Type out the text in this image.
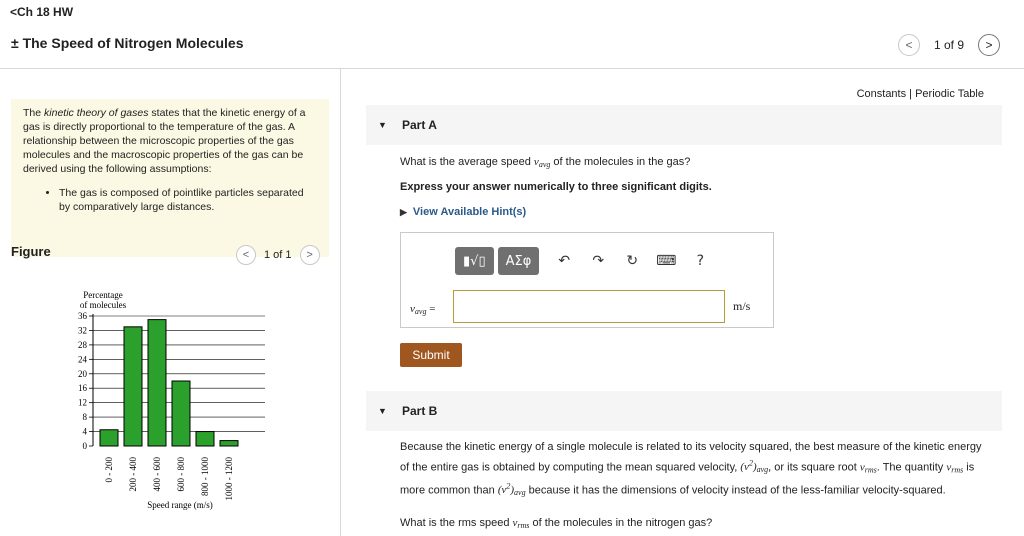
<Ch 18 HW
± The Speed of Nitrogen Molecules	< 1 of 9 >

The kinetic theory of gases states that the kinetic energy of a gas is directly proportional to the temperature of the gas. A relationship between the microscopic properties of the gas molecules and the macroscopic properties of the gas can be derived using the following assumptions:

• The gas is composed of pointlike particles separated by comparatively large distances.
Figure	< 1 of 1 >
Percentage
of molecules
0
4
8
12
16
20
24
28
32
36
0 - 200 200 - 400 400 - 600 600 - 800 800 - 1000 1000 - 1200
Speed range (m/s)
Constants | Periodic Table
▼	Part A
What is the average speed $v_{avg}$ of the molecules in the gas?
Express your answer numerically to three significant digits.
▶ View Available Hint(s)
▮√▯ ΑΣφ ↶ ↷ ↻ ⌨ ?
$v_{avg}$ =	m/s
Submit
▼	Part B
Because the kinetic energy of a single molecule is related to its velocity squared, the best measure of the kinetic energy of the entire gas is obtained by computing the mean squared velocity, $(v^2)_{avg}$, or its square root $v_{rms}$. The quantity $v_{rms}$ is more common than $(v^2)_{avg}$ because it has the dimensions of velocity instead of the less-familiar velocity-squared.
What is the rms speed $v_{rms}$ of the molecules in the nitrogen gas?
